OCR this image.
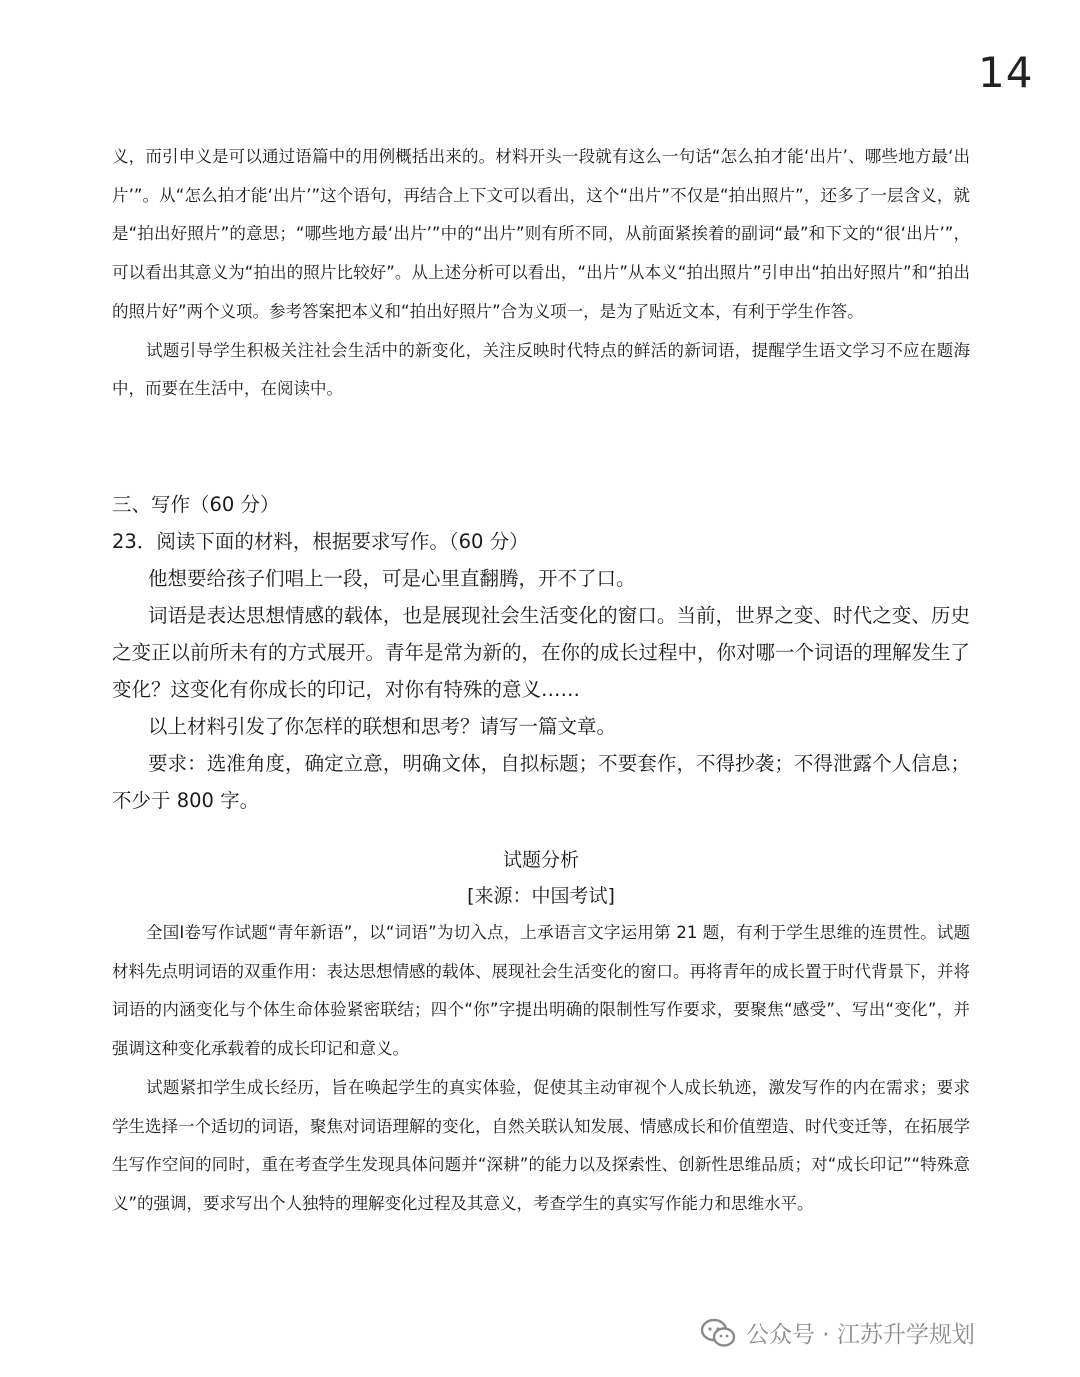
14

义，而引申义是可以通过语篇中的用例概括出来的。材料开头一段就有这么一句话“怎么拍才能‘出片’、哪些地方最‘出片’”。从“怎么拍才能‘出片’”这个语句，再结合上下文可以看出，这个“出片”不仅是“拍出照片”，还多了一层含义，就是“拍出好照片”的意思；“哪些地方最‘出片’”中的“出片”则有所不同，从前面紧挨着的副词“最”和下文的“很‘出片’”，可以看出其意义为“拍出的照片比较好”。从上述分析可以看出，“出片”从本义“拍出照片”引申出“拍出好照片”和“拍出的照片好”两个义项。参考答案把本义和“拍出好照片”合为义项一，是为了贴近文本，有利于学生作答。

试题引导学生积极关注社会生活中的新变化，关注反映时代特点的鲜活的新词语，提醒学生语文学习不应在题海中，而要在生活中，在阅读中。

三、写作（60 分）

23．阅读下面的材料，根据要求写作。（60 分）

他想要给孩子们唱上一段，可是心里直翻腾，开不了口。

词语是表达思想情感的载体，也是展现社会生活变化的窗口。当前，世界之变、时代之变、历史之变正以前所未有的方式展开。青年是常为新的，在你的成长过程中，你对哪一个词语的理解发生了变化？这变化有你成长的印记，对你有特殊的意义……

以上材料引发了你怎样的联想和思考？请写一篇文章。

要求：选准角度，确定立意，明确文体，自拟标题；不要套作，不得抄袭；不得泄露个人信息；不少于 800 字。

试题分析

[来源：中国考试]

全国Ⅰ卷写作试题“青年新语”，以“词语”为切入点，上承语言文字运用第 21 题，有利于学生思维的连贯性。试题材料先点明词语的双重作用：表达思想情感的载体、展现社会生活变化的窗口。再将青年的成长置于时代背景下，并将词语的内涵变化与个体生命体验紧密联结；四个“你”字提出明确的限制性写作要求，要聚焦“感受”、写出“变化”，并强调这种变化承载着的成长印记和意义。

试题紧扣学生成长经历，旨在唤起学生的真实体验，促使其主动审视个人成长轨迹，激发写作的内在需求；要求学生选择一个适切的词语，聚焦对词语理解的变化，自然关联认知发展、情感成长和价值塑造、时代变迁等，在拓展学生写作空间的同时，重在考查学生发现具体问题并“深耕”的能力以及探索性、创新性思维品质；对“成长印记”“特殊意义”的强调，要求写出个人独特的理解变化过程及其意义，考查学生的真实写作能力和思维水平。

公众号 · 江苏升学规划
